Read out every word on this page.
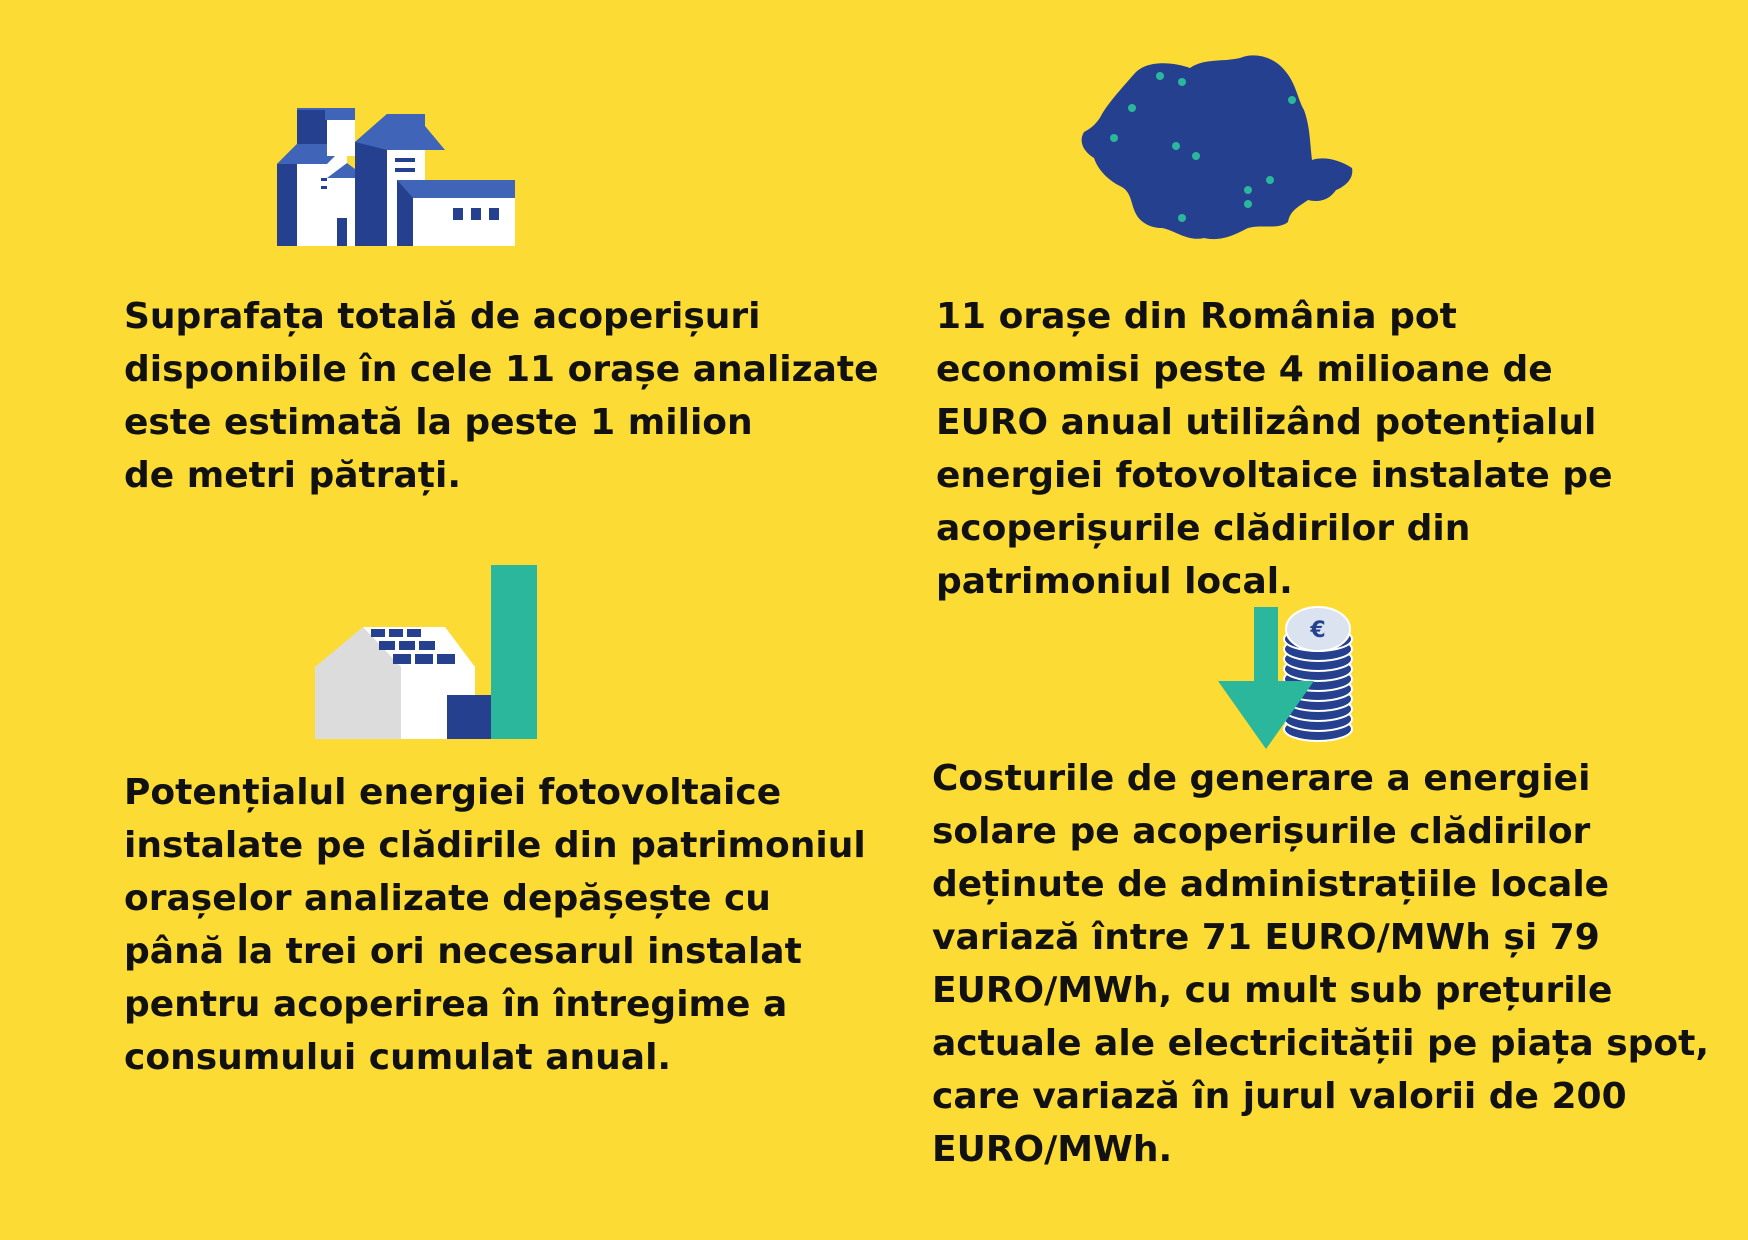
€

Suprafața totală de acoperișuri
disponibile în cele 11 orașe analizate
este estimată la peste 1 milion
de metri pătrați.

11 orașe din România pot
economisi peste 4 milioane de
EURO anual utilizând potențialul
energiei fotovoltaice instalate pe
acoperișurile clădirilor din
patrimoniul local.

Potențialul energiei fotovoltaice
instalate pe clădirile din patrimoniul
orașelor analizate depășește cu
până la trei ori necesarul instalat
pentru acoperirea în întregime a
consumului cumulat anual.

Costurile de generare a energiei
solare pe acoperișurile clădirilor
deținute de administrațiile locale
variază între 71 EURO/MWh și 79
EURO/MWh, cu mult sub prețurile
actuale ale electricității pe piața spot,
care variază în jurul valorii de 200
EURO/MWh.
